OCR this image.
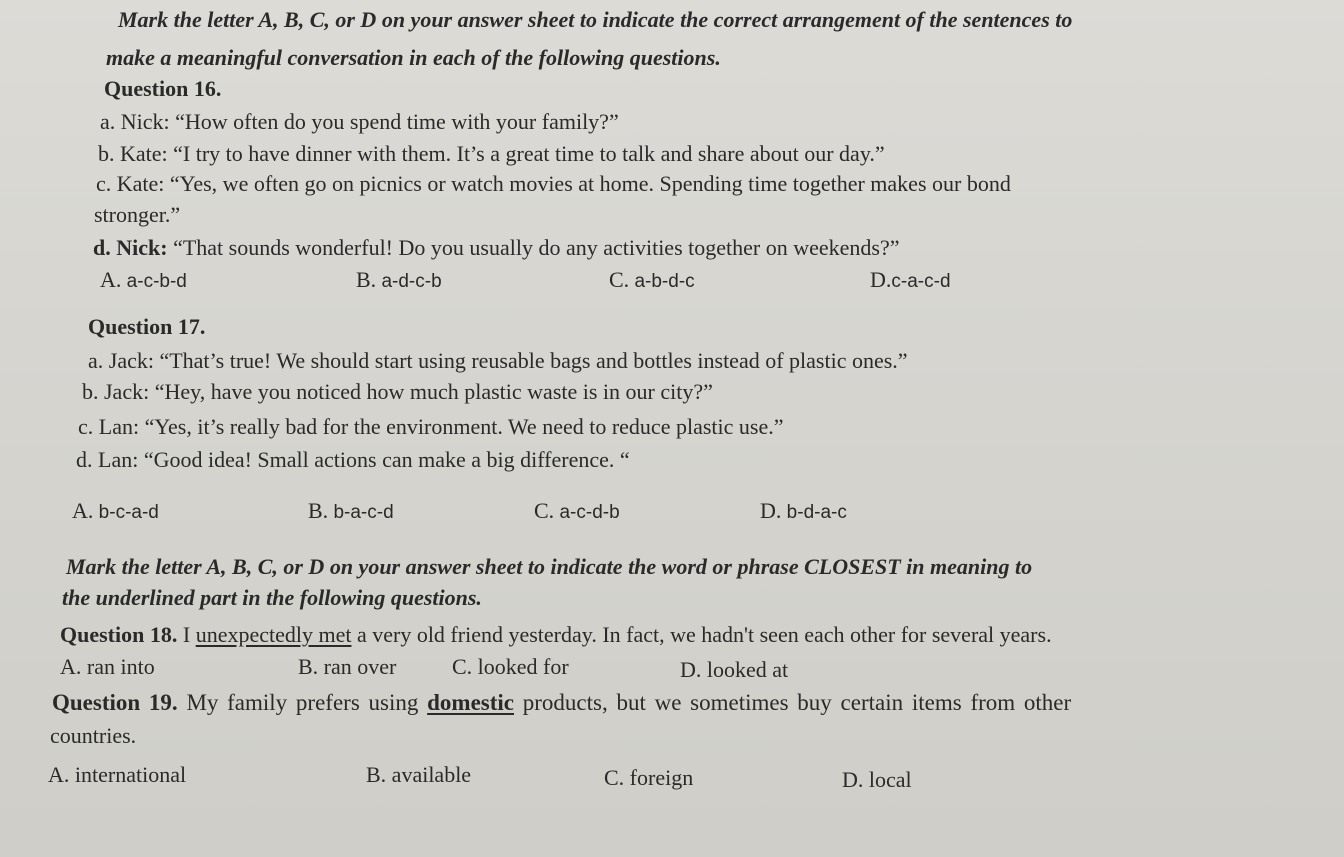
Mark the letter A, B, C, or D on your answer sheet to indicate the correct arrangement of the sentences to
make a meaningful conversation in each of the following questions.
Question 16.
a. Nick: “How often do you spend time with your family?”
b. Kate: “I try to have dinner with them. It’s a great time to talk and share about our day.”
c. Kate: “Yes, we often go on picnics or watch movies at home. Spending time together makes our bond
stronger.”
d. Nick: “That sounds wonderful! Do you usually do any activities together on weekends?”
A. a-c-b-d	B. a-d-c-b	C. a-b-d-c	D.c-a-c-d
Question 17.
a. Jack: “That’s true! We should start using reusable bags and bottles instead of plastic ones.”
b. Jack: “Hey, have you noticed how much plastic waste is in our city?”
c. Lan: “Yes, it’s really bad for the environment. We need to reduce plastic use.”
d. Lan: “Good idea! Small actions can make a big difference. “
A. b-c-a-d	B. b-a-c-d	C. a-c-d-b	D. b-d-a-c
Mark the letter A, B, C, or D on your answer sheet to indicate the word or phrase CLOSEST in meaning to
the underlined part in the following questions.
Question 18. I unexpectedly met a very old friend yesterday. In fact, we hadn't seen each other for several years.
A. ran into	B. ran over	C. looked for	D. looked at
Question 19. My family prefers using domestic products, but we sometimes buy certain items from other
countries.
A. international	B. available	C. foreign	D. local
